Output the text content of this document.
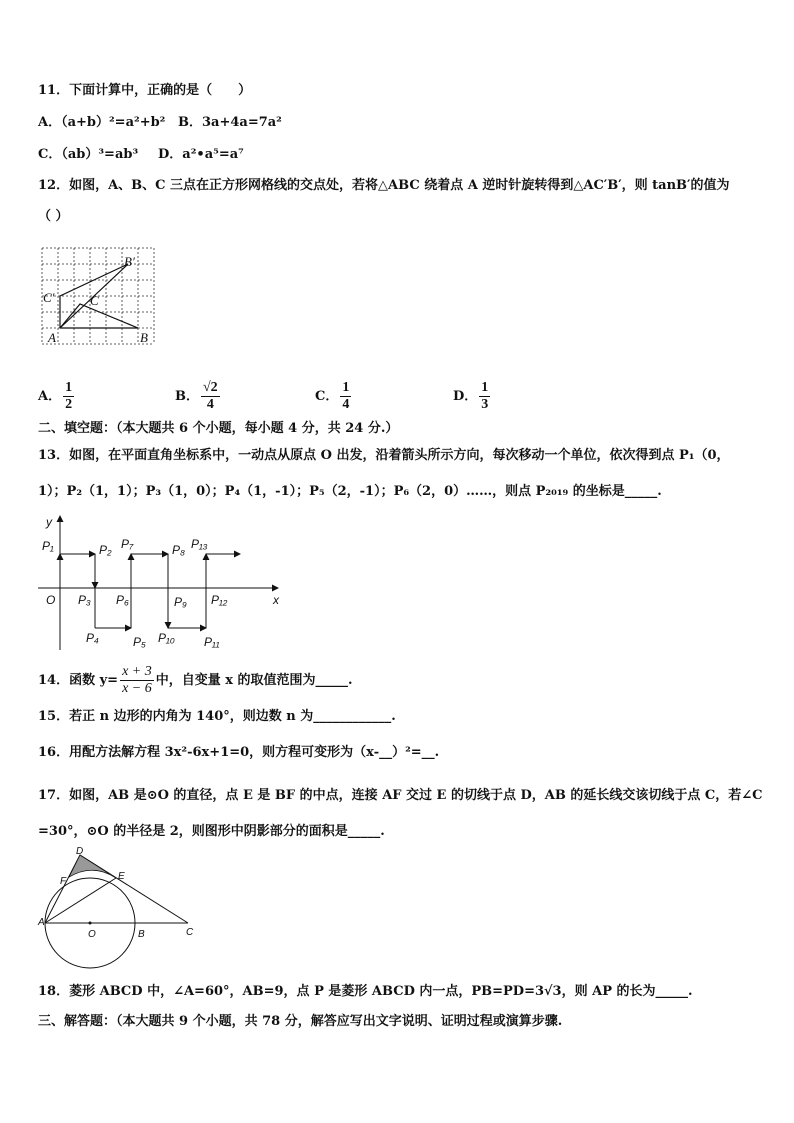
11．下面计算中，正确的是（　　）
A．（a+b）²=a²+b² B．3a+4a=7a²
C．（ab）³=ab³ D．a²•a⁵=a⁷
12．如图，A、B、C 三点在正方形网格线的交点处，若将△ABC 绕着点 A 逆时针旋转得到△AC′B′，则 tanB′的值为
（ ）
B′
C′	C
A	B
A． $\frac{1}{2}$	B． $\frac{√2}{4}$	C． $\frac{1}{4}$	D． $\frac{1}{3}$
二、填空题：（本大题共 6 个小题，每小题 4 分，共 24 分.）
13．如图，在平面直角坐标系中，一动点从原点 O 出发，沿着箭头所示方向，每次移动一个单位，依次得到点 P₁（0，
1）；P₂（1，1）；P₃（1，0）；P₄（1，-1）；P₅（2，-1）；P₆（2，0）……，则点 P₂₀₁₉ 的坐标是_____.
y
x
O
P₁	P₂
P₃
P₄	P₅
P₆
P₇	P₈
P₉
P₁₀ P₁₁
P₁₂
P₁₃
14．函数 $y= \frac{x + 3}{x - 6}$ 中，自变量 x 的取值范围为_____.
15．若正 n 边形的内角为 140°，则边数 n 为____________.
16．用配方法解方程 3x²-6x+1=0，则方程可变形为（x-__）²=__.
17．如图，AB 是⊙O 的直径，点 E 是 BF 的中点，连接 AF 交过 E 的切线于点 D，AB 的延长线交该切线于点 C，若∠C
=30°，⊙O 的半径是 2，则图形中阴影部分的面积是_____.
D
F	E
A
O	B	C
18．菱形 ABCD 中，∠A=60°，AB=9，点 P 是菱形 ABCD 内一点，PB=PD=3√3，则 AP 的长为_____.
三、解答题：（本大题共 9 个小题，共 78 分，解答应写出文字说明、证明过程或演算步骤.
